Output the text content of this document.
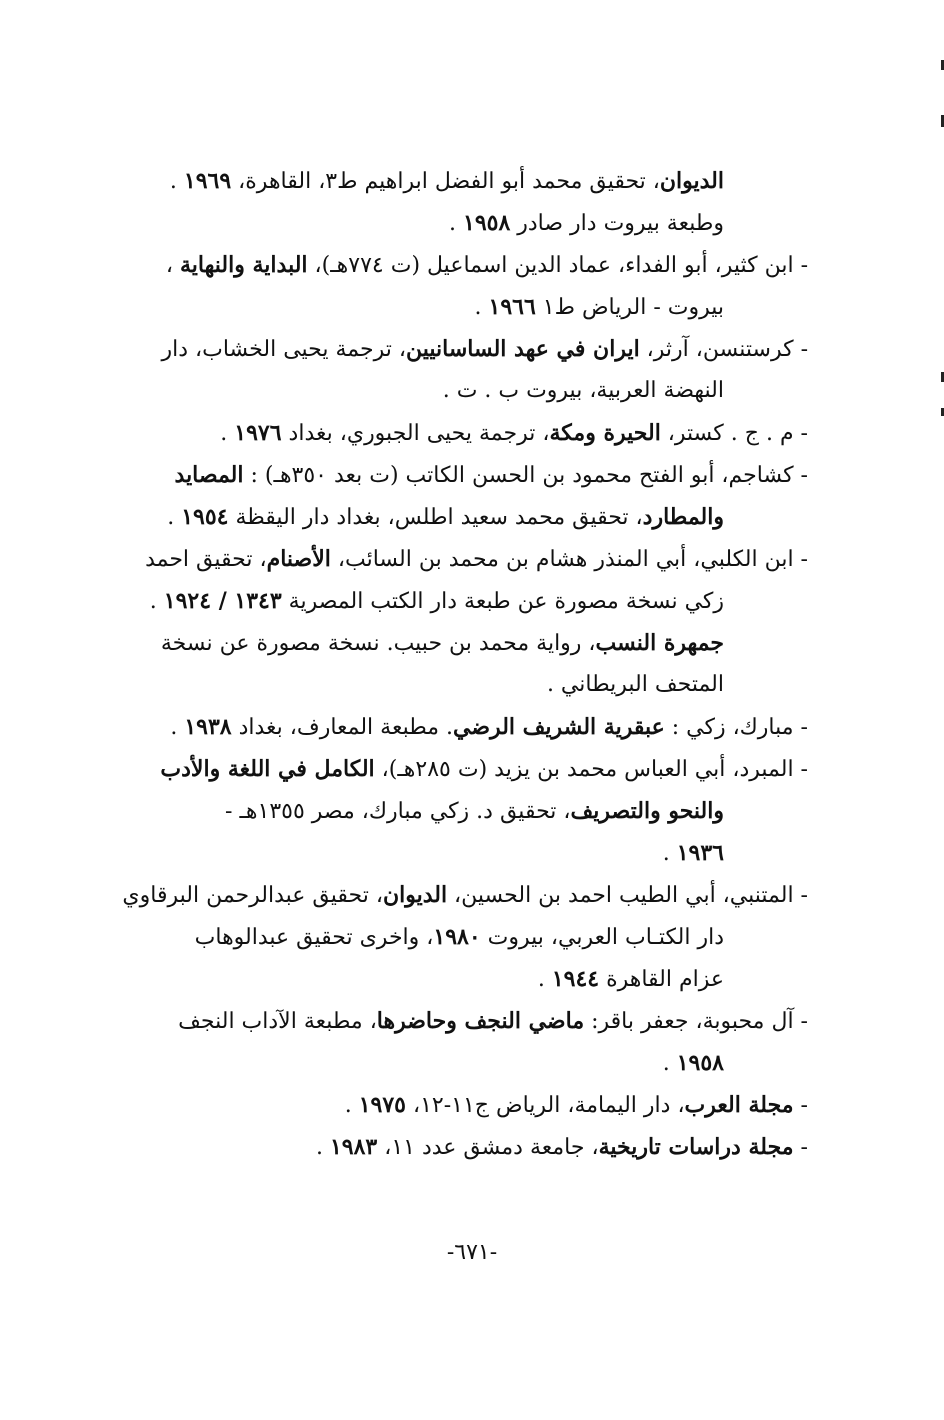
الديوان، تحقيق محمد أبو الفضل ابراهيم ط٣، القاهرة، ١٩٦٩ .
وطبعة بيروت دار صادر ١٩٥٨ .
- ابن كثير، أبو الفداء، عماد الدين اسماعيل (ت ٧٧٤هـ)، البداية والنهاية ،
بيروت - الرياض ط١ ١٩٦٦ .
- كرستنسن، آرثر، ايران في عهد الساسانيين، ترجمة يحيى الخشاب، دار
النهضة العربية، بيروت ب . ت .
- م . ج . كستر، الحيرة ومكة، ترجمة يحيى الجبوري، بغداد ١٩٧٦ .
- كشاجم، أبو الفتح محمود بن الحسن الكاتب (ت بعد ٣٥٠هـ) : المصايد
والمطارد، تحقيق محمد سعيد اطلس، بغداد دار اليقظة ١٩٥٤ .
- ابن الكلبي، أبي المنذر هشام بن محمد بن السائب، الأصنام، تحقيق احمد
زكي نسخة مصورة عن طبعة دار الكتب المصرية ١٣٤٣ / ١٩٢٤ .
جمهرة النسب، رواية محمد بن حبيب. نسخة مصورة عن نسخة
المتحف البريطاني .
- مبارك، زكي : عبقرية الشريف الرضي. مطبعة المعارف، بغداد ١٩٣٨ .
- المبرد، أبي العباس محمد بن يزيد (ت ٢٨٥هـ)، الكامل في اللغة والأدب
والنحو والتصريف، تحقيق د. زكي مبارك، مصر ١٣٥٥هـ -
١٩٣٦ .
- المتنبي، أبي الطيب احمد بن الحسين، الديوان، تحقيق عبدالرحمن البرقاوي
دار الكتـاب العربي، بيروت ١٩٨٠، واخرى تحقيق عبدالوهاب
عزام القاهرة ١٩٤٤ .
- آل محبوبة، جعفر باقر: ماضي النجف وحاضرها، مطبعة الآداب النجف
١٩٥٨ .
- مجلة العرب، دار اليمامة، الرياض ج١١-١٢، ١٩٧٥ .
- مجلة دراسات تاريخية، جامعة دمشق عدد ١١، ١٩٨٣ .
-٦٧١-
